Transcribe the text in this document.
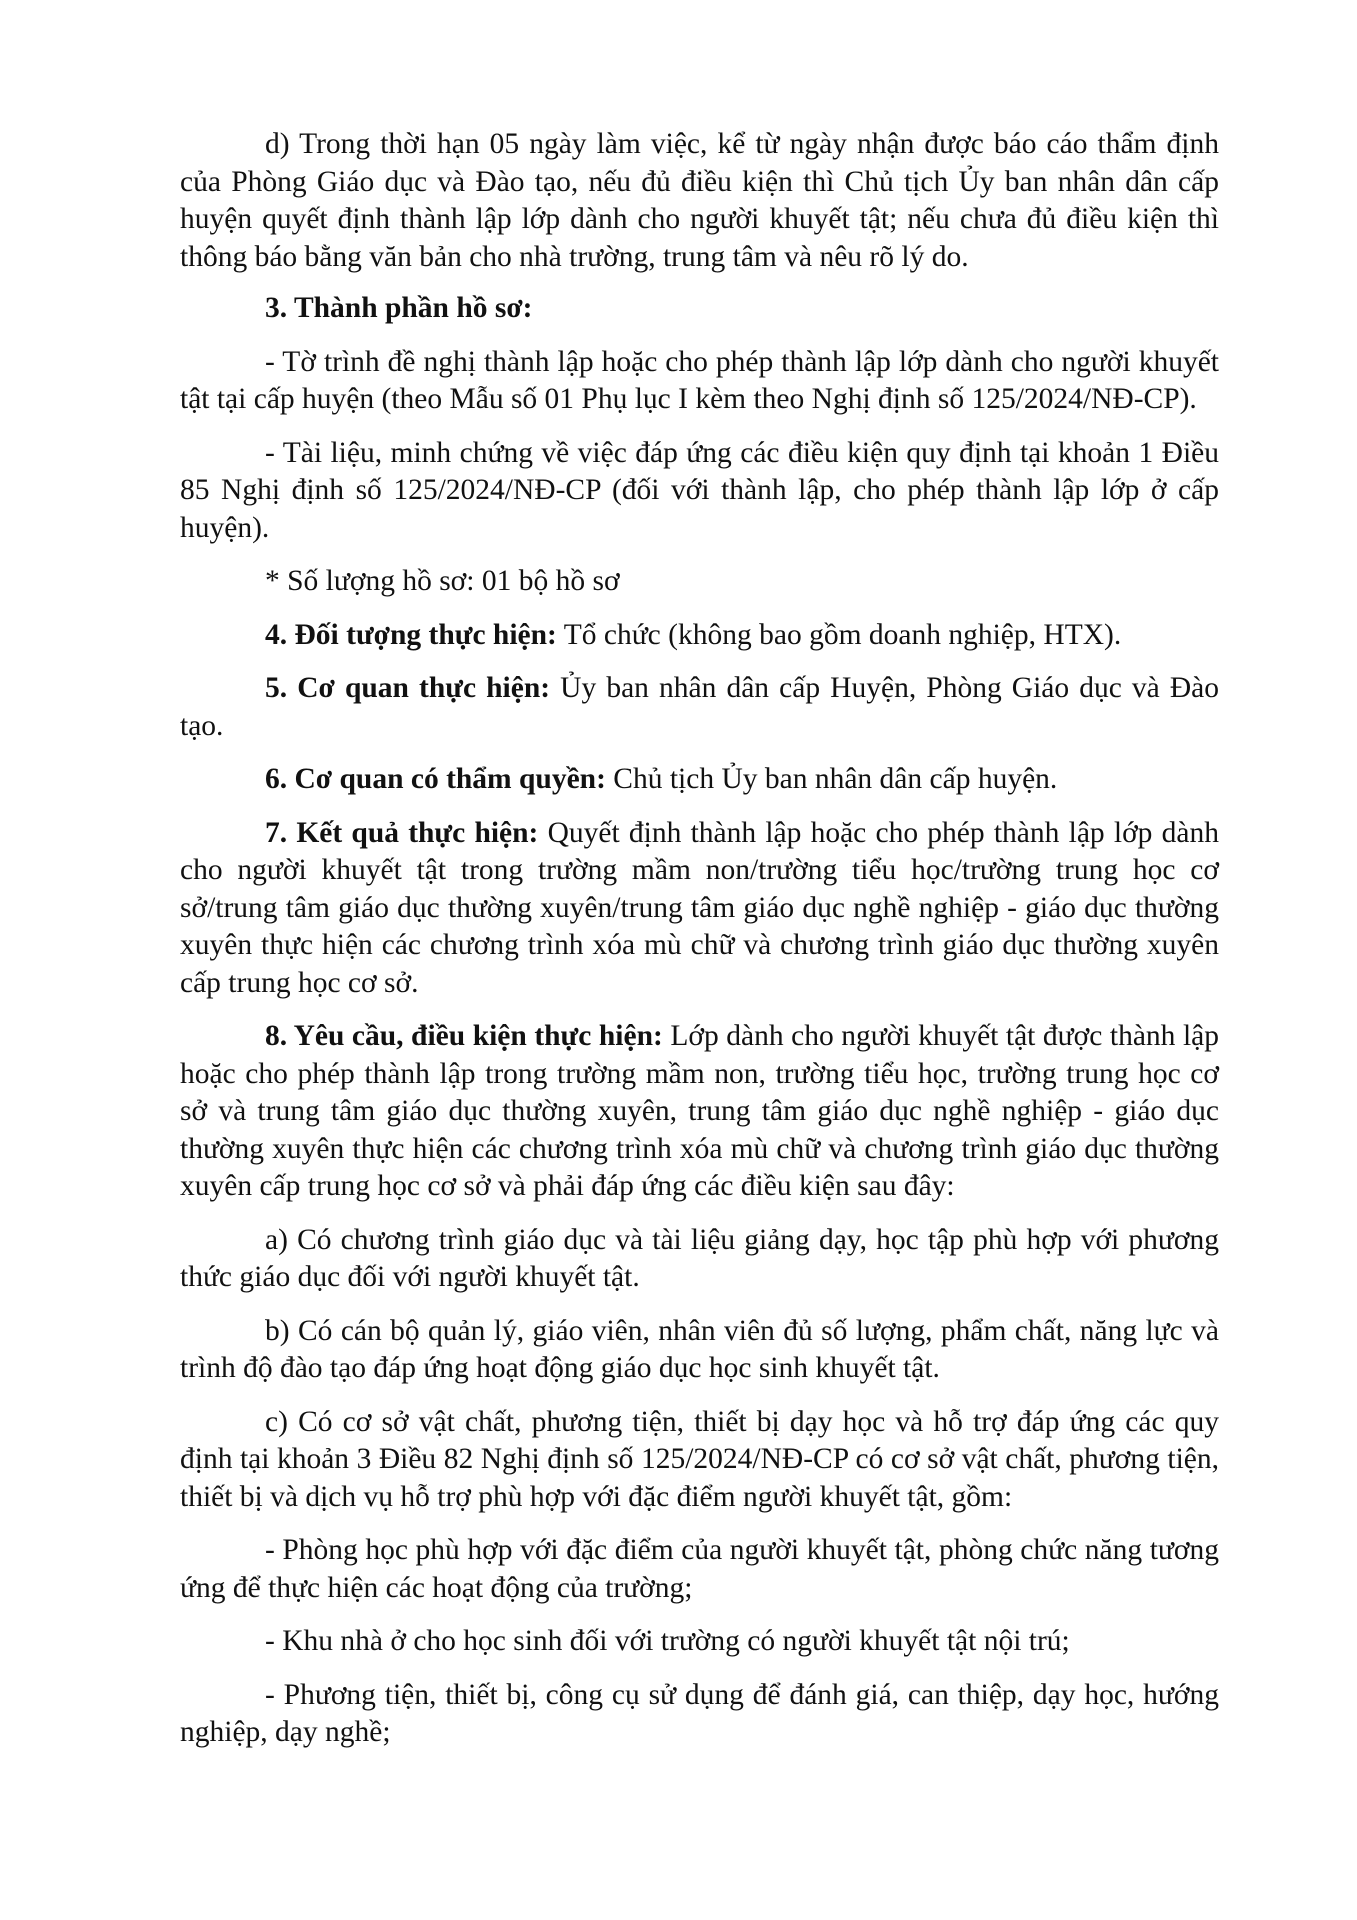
d) Trong thời hạn 05 ngày làm việc, kể từ ngày nhận được báo cáo thẩm định của Phòng Giáo dục và Đào tạo, nếu đủ điều kiện thì Chủ tịch Ủy ban nhân dân cấp huyện quyết định thành lập lớp dành cho người khuyết tật; nếu chưa đủ điều kiện thì thông báo bằng văn bản cho nhà trường, trung tâm và nêu rõ lý do.

3. Thành phần hồ sơ:

- Tờ trình đề nghị thành lập hoặc cho phép thành lập lớp dành cho người khuyết tật tại cấp huyện (theo Mẫu số 01 Phụ lục I kèm theo Nghị định số 125/2024/NĐ-CP).

- Tài liệu, minh chứng về việc đáp ứng các điều kiện quy định tại khoản 1 Điều 85 Nghị định số 125/2024/NĐ-CP (đối với thành lập, cho phép thành lập lớp ở cấp huyện).

* Số lượng hồ sơ: 01 bộ hồ sơ

4. Đối tượng thực hiện: Tổ chức (không bao gồm doanh nghiệp, HTX).

5. Cơ quan thực hiện: Ủy ban nhân dân cấp Huyện, Phòng Giáo dục và Đào tạo.

6. Cơ quan có thẩm quyền: Chủ tịch Ủy ban nhân dân cấp huyện.

7. Kết quả thực hiện: Quyết định thành lập hoặc cho phép thành lập lớp dành cho người khuyết tật trong trường mầm non/trường tiểu học/trường trung học cơ sở/trung tâm giáo dục thường xuyên/trung tâm giáo dục nghề nghiệp - giáo dục thường xuyên thực hiện các chương trình xóa mù chữ và chương trình giáo dục thường xuyên cấp trung học cơ sở.

8. Yêu cầu, điều kiện thực hiện: Lớp dành cho người khuyết tật được thành lập hoặc cho phép thành lập trong trường mầm non, trường tiểu học, trường trung học cơ sở và trung tâm giáo dục thường xuyên, trung tâm giáo dục nghề nghiệp - giáo dục thường xuyên thực hiện các chương trình xóa mù chữ và chương trình giáo dục thường xuyên cấp trung học cơ sở và phải đáp ứng các điều kiện sau đây:

a) Có chương trình giáo dục và tài liệu giảng dạy, học tập phù hợp với phương thức giáo dục đối với người khuyết tật.

b) Có cán bộ quản lý, giáo viên, nhân viên đủ số lượng, phẩm chất, năng lực và trình độ đào tạo đáp ứng hoạt động giáo dục học sinh khuyết tật.

c) Có cơ sở vật chất, phương tiện, thiết bị dạy học và hỗ trợ đáp ứng các quy định tại khoản 3 Điều 82 Nghị định số 125/2024/NĐ-CP có cơ sở vật chất, phương tiện, thiết bị và dịch vụ hỗ trợ phù hợp với đặc điểm người khuyết tật, gồm:

- Phòng học phù hợp với đặc điểm của người khuyết tật, phòng chức năng tương ứng để thực hiện các hoạt động của trường;

- Khu nhà ở cho học sinh đối với trường có người khuyết tật nội trú;

- Phương tiện, thiết bị, công cụ sử dụng để đánh giá, can thiệp, dạy học, hướng nghiệp, dạy nghề;
